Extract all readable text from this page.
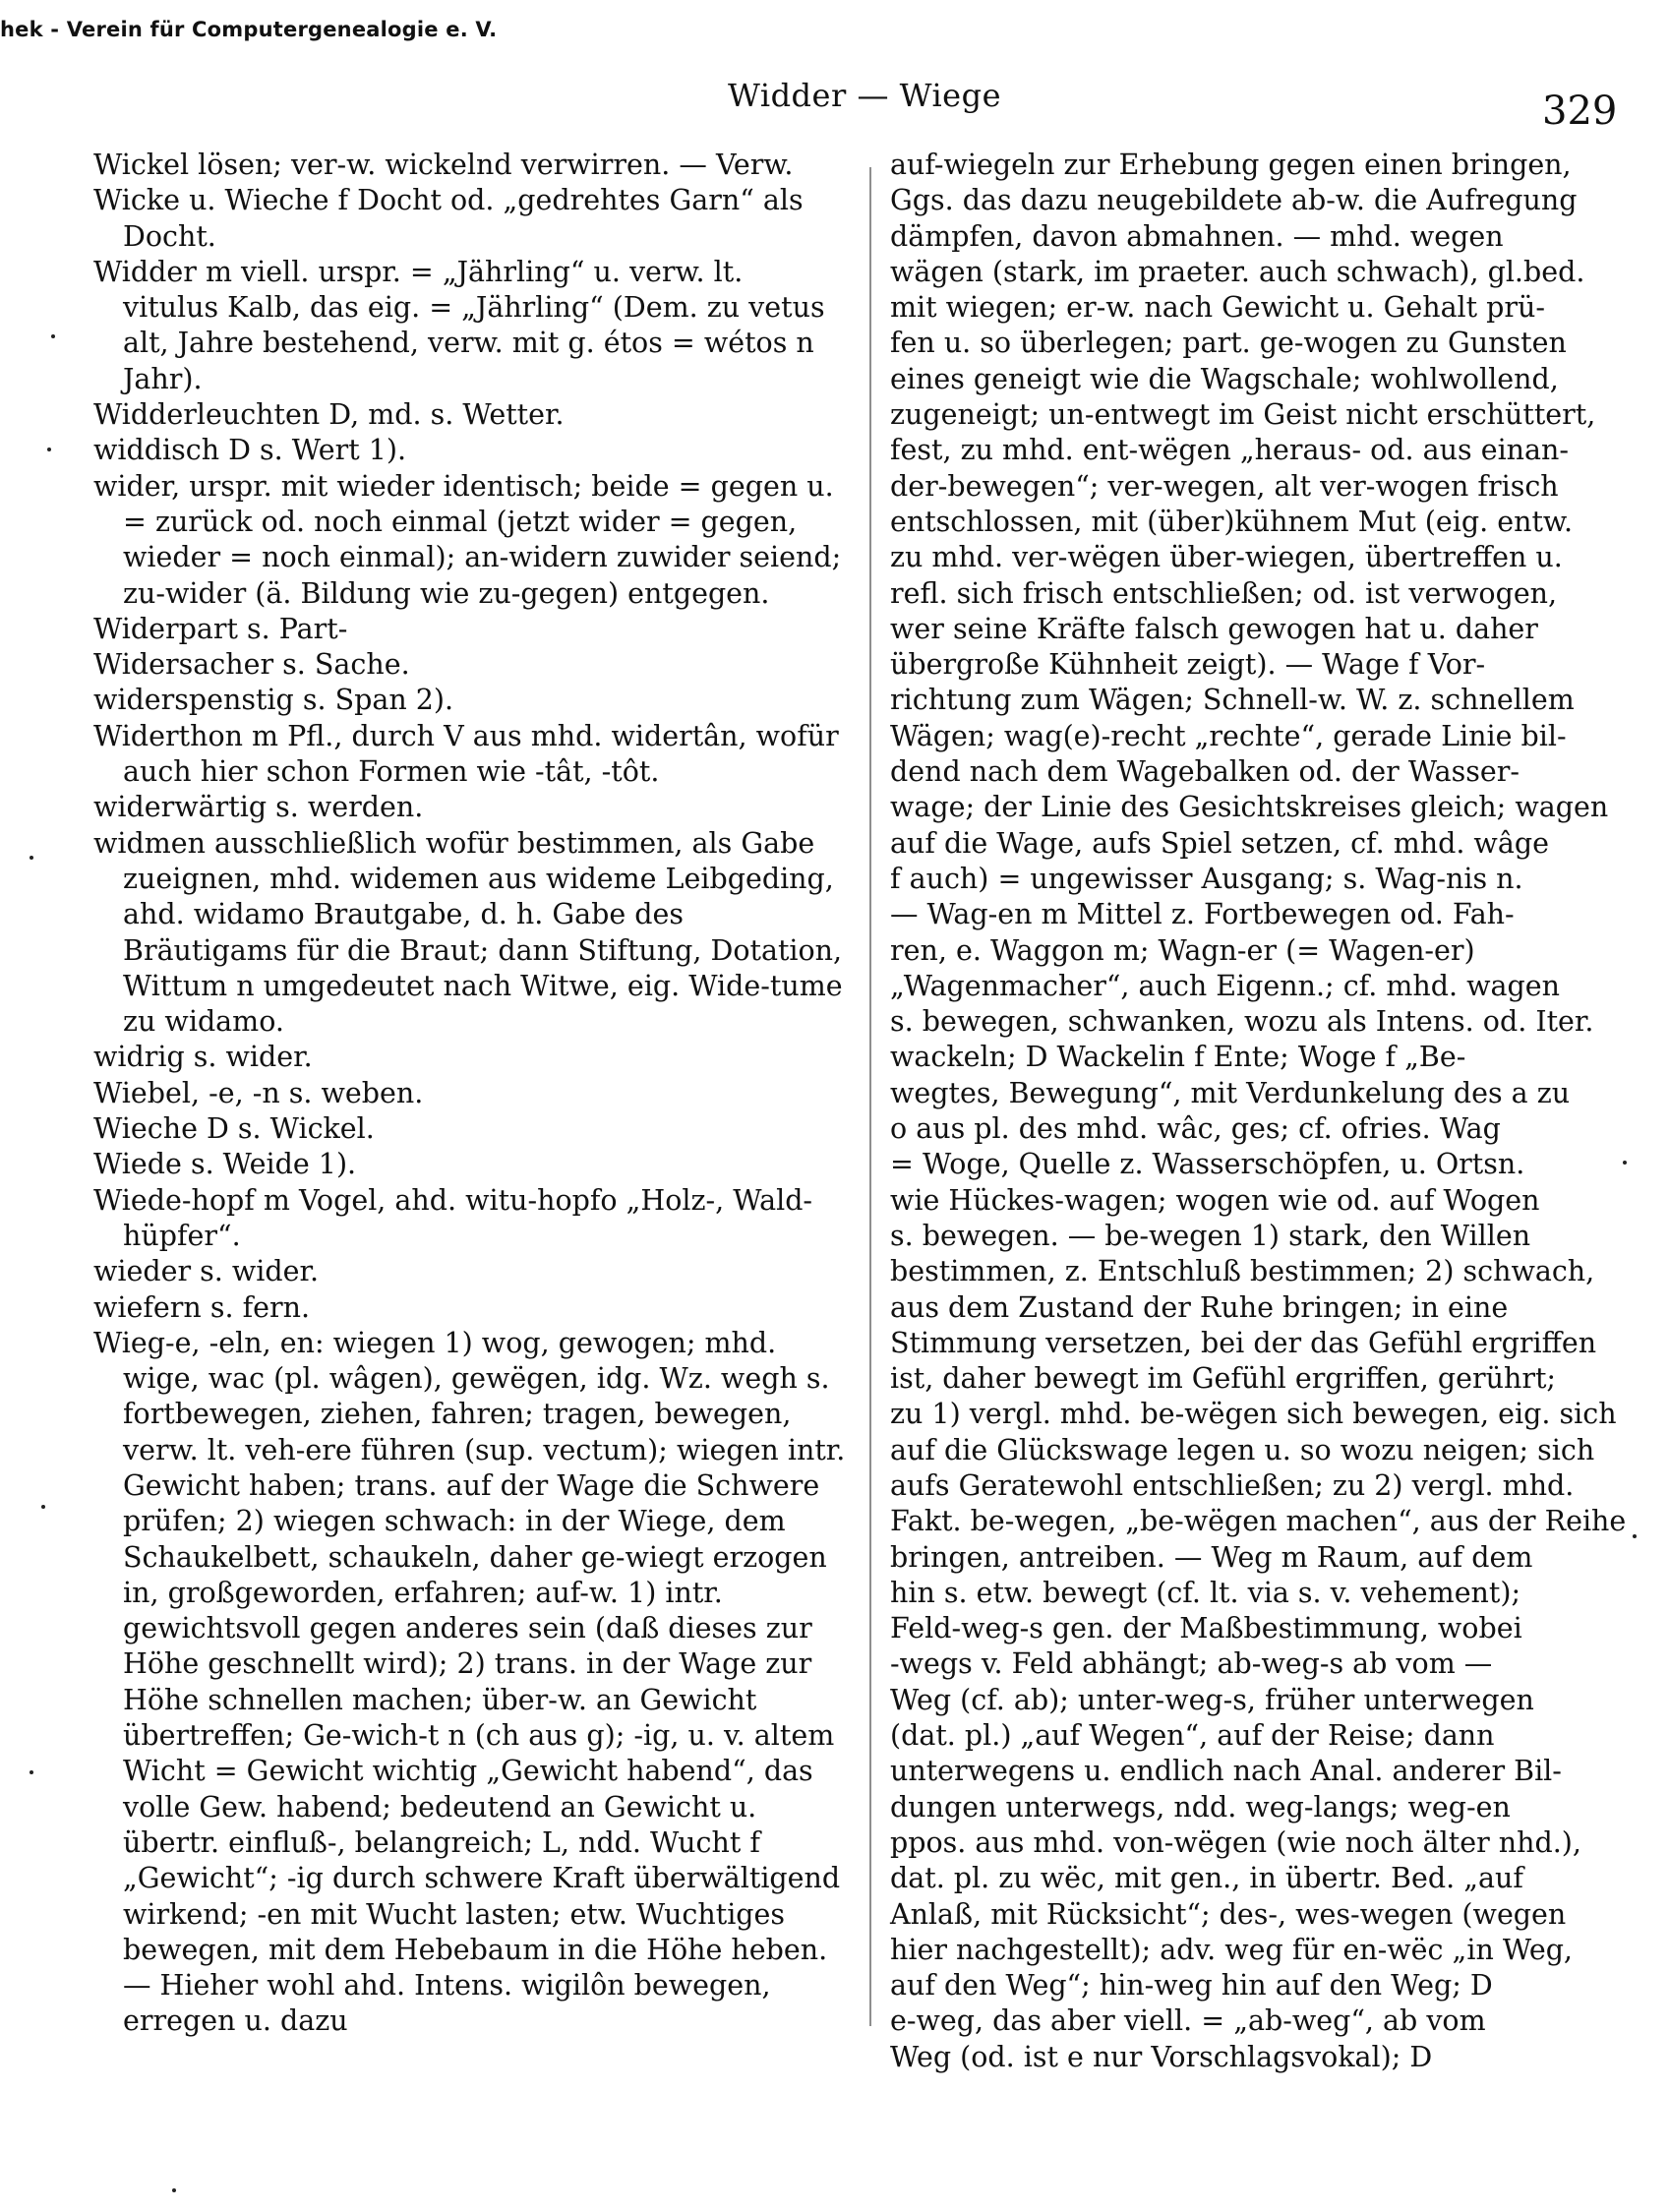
hek - Verein für Computergenealogie e. V.
Widder — Wiege	329

Wickel lösen; ver-w. wickelnd verwirren. — Verw.

Wicke u. Wieche f Docht od. „gedrehtes Garn“ als Docht.

Widder m viell. urspr. = „Jährling“ u. verw. lt. vitulus Kalb, das eig. = „Jährling“ (Dem. zu vetus alt, Jahre bestehend, verw. mit g. étos = wétos n Jahr).

Widderleuchten D, md. s. Wetter.

widdisch D s. Wert 1).

wider, urspr. mit wieder identisch; beide = gegen u. = zurück od. noch einmal (jetzt wider = gegen, wieder = noch einmal); an-widern zuwider seiend; zu-wider (ä. Bildung wie zu-gegen) entgegen.

Widerpart s. Part-

Widersacher s. Sache.

widerspenstig s. Span 2).

Widerthon m Pfl., durch V aus mhd. widertân, wofür auch hier schon Formen wie -tât, -tôt.

widerwärtig s. werden.

widmen ausschließlich wofür bestimmen, als Gabe zueignen, mhd. widemen aus wideme Leibgeding, ahd. widamo Brautgabe, d. h. Gabe des Bräutigams für die Braut; dann Stiftung, Dotation, Wittum n umgedeutet nach Witwe, eig. Wide-tume zu widamo.

widrig s. wider.

Wiebel, -e, -n s. weben.

Wieche D s. Wickel.

Wiede s. Weide 1).

Wiede-hopf m Vogel, ahd. witu-hopfo „Holz-, Wald-hüpfer“.

wieder s. wider.

wiefern s. fern.

Wieg-e, -eln, en: wiegen 1) wog, gewogen; mhd. wige, wac (pl. wâgen), gewëgen, idg. Wz. wegh s. fortbewegen, ziehen, fahren; tragen, bewegen, verw. lt. veh-ere führen (sup. vectum); wiegen intr. Gewicht haben; trans. auf der Wage die Schwere prüfen; 2) wiegen schwach: in der Wiege, dem Schaukelbett, schaukeln, daher ge-wiegt erzogen in, großgeworden, erfahren; auf-w. 1) intr. gewichtsvoll gegen anderes sein (daß dieses zur Höhe geschnellt wird); 2) trans. in der Wage zur Höhe schnellen machen; über-w. an Gewicht übertreffen; Ge-wich-t n (ch aus g); -ig, u. v. altem Wicht = Gewicht wichtig „Gewicht habend“, das volle Gew. habend; bedeutend an Gewicht u. übertr. einfluß-, belangreich; L, ndd. Wucht f „Gewicht“; -ig durch schwere Kraft überwältigend wirkend; -en mit Wucht lasten; etw. Wuchtiges bewegen, mit dem Hebebaum in die Höhe heben. — Hieher wohl ahd. Intens. wigilôn bewegen, erregen u. dazu

auf-wiegeln zur Erhebung gegen einen bringen,
Ggs. das dazu neugebildete ab-w. die Aufregung
dämpfen, davon abmahnen. — mhd. wegen
wägen (stark, im praeter. auch schwach), gl.bed.
mit wiegen; er-w. nach Gewicht u. Gehalt prü-
fen u. so überlegen; part. ge-wogen zu Gunsten
eines geneigt wie die Wagschale; wohlwollend,
zugeneigt; un-entwegt im Geist nicht erschüttert,
fest, zu mhd. ent-wëgen „heraus- od. aus einan-
der-bewegen“; ver-wegen, alt ver-wogen frisch
entschlossen, mit (über)kühnem Mut (eig. entw.
zu mhd. ver-wëgen über-wiegen, übertreffen u.
refl. sich frisch entschließen; od. ist verwogen,
wer seine Kräfte falsch gewogen hat u. daher
übergroße Kühnheit zeigt). — Wage f Vor-
richtung zum Wägen; Schnell-w. W. z. schnellem
Wägen; wag(e)-recht „rechte“, gerade Linie bil-
dend nach dem Wagebalken od. der Wasser-
wage; der Linie des Gesichtskreises gleich; wagen
auf die Wage, aufs Spiel setzen, cf. mhd. wâge
f auch) = ungewisser Ausgang; s. Wag-nis n.
— Wag-en m Mittel z. Fortbewegen od. Fah-
ren, e. Waggon m; Wagn-er (= Wagen-er)
„Wagenmacher“, auch Eigenn.; cf. mhd. wagen
s. bewegen, schwanken, wozu als Intens. od. Iter.
wackeln; D Wackelin f Ente; Woge f „Be-
wegtes, Bewegung“, mit Verdunkelung des a zu
o aus pl. des mhd. wâc, ges; cf. ofries. Wag
= Woge, Quelle z. Wasserschöpfen, u. Ortsn.
wie Hückes-wagen; wogen wie od. auf Wogen
s. bewegen. — be-wegen 1) stark, den Willen
bestimmen, z. Entschluß bestimmen; 2) schwach,
aus dem Zustand der Ruhe bringen; in eine
Stimmung versetzen, bei der das Gefühl ergriffen
ist, daher bewegt im Gefühl ergriffen, gerührt;
zu 1) vergl. mhd. be-wëgen sich bewegen, eig. sich
auf die Glückswage legen u. so wozu neigen; sich
aufs Geratewohl entschließen; zu 2) vergl. mhd.
Fakt. be-wegen, „be-wëgen machen“, aus der Reihe
bringen, antreiben. — Weg m Raum, auf dem
hin s. etw. bewegt (cf. lt. via s. v. vehement);
Feld-weg-s gen. der Maßbestimmung, wobei
-wegs v. Feld abhängt; ab-weg-s ab vom —
Weg (cf. ab); unter-weg-s, früher unterwegen
(dat. pl.) „auf Wegen“, auf der Reise; dann
unterwegens u. endlich nach Anal. anderer Bil-
dungen unterwegs, ndd. weg-langs; weg-en
ppos. aus mhd. von-wëgen (wie noch älter nhd.),
dat. pl. zu wëc, mit gen., in übertr. Bed. „auf
Anlaß, mit Rücksicht“; des-, wes-wegen (wegen
hier nachgestellt); adv. weg für en-wëc „in Weg,
auf den Weg“; hin-weg hin auf den Weg; D
e-weg, das aber viell. = „ab-weg“, ab vom
Weg (od. ist e nur Vorschlagsvokal); D
